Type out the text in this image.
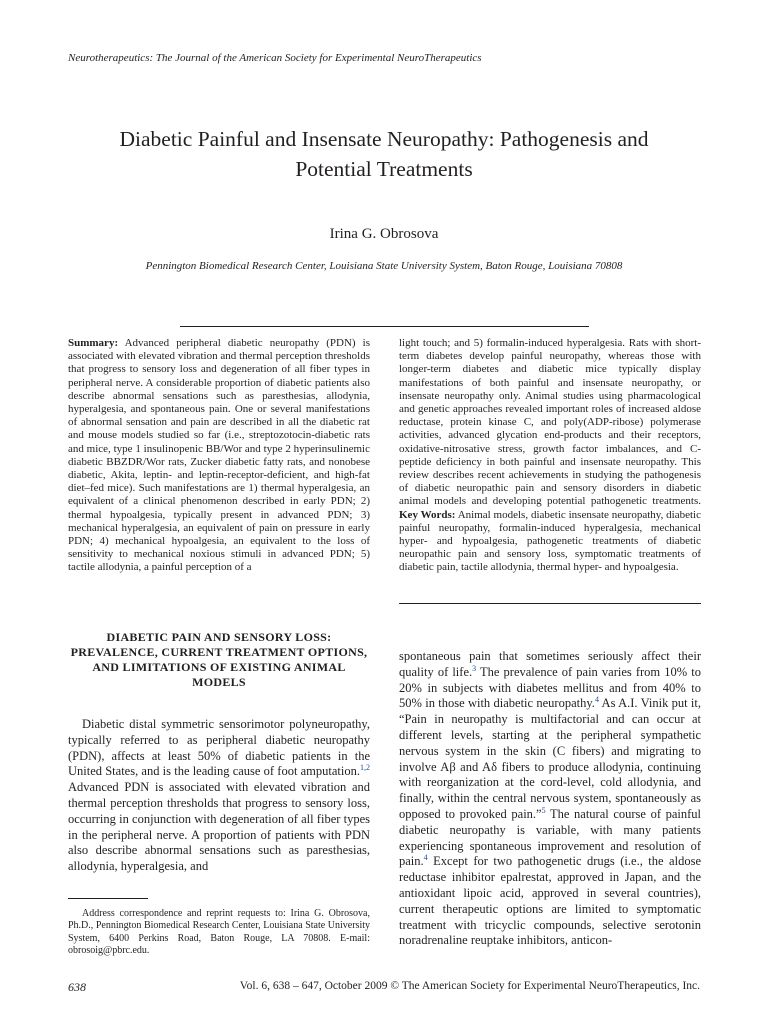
Neurotherapeutics: The Journal of the American Society for Experimental NeuroTherapeutics
Diabetic Painful and Insensate Neuropathy: Pathogenesis and
Potential Treatments
Irina G. Obrosova
Pennington Biomedical Research Center, Louisiana State University System, Baton Rouge, Louisiana 70808
Summary: Advanced peripheral diabetic neuropathy (PDN) is associated with elevated vibration and thermal perception thresholds that progress to sensory loss and degeneration of all fiber types in peripheral nerve. A considerable proportion of diabetic patients also describe abnormal sensations such as paresthesias, allodynia, hyperalgesia, and spontaneous pain. One or several manifestations of abnormal sensation and pain are described in all the diabetic rat and mouse models studied so far (i.e., streptozotocin-diabetic rats and mice, type 1 insulinopenic BB/Wor and type 2 hyperinsulinemic diabetic BBZDR/Wor rats, Zucker diabetic fatty rats, and nonobese diabetic, Akita, leptin- and leptin-receptor-deficient, and high-fat diet–fed mice). Such manifestations are 1) thermal hyperalgesia, an equivalent of a clinical phenomenon described in early PDN; 2) thermal hypoalgesia, typically present in advanced PDN; 3) mechanical hyperalgesia, an equivalent of pain on pressure in early PDN; 4) mechanical hypoalgesia, an equivalent to the loss of sensitivity to mechanical noxious stimuli in advanced PDN; 5) tactile allodynia, a painful perception of a
light touch; and 5) formalin-induced hyperalgesia. Rats with short-term diabetes develop painful neuropathy, whereas those with longer-term diabetes and diabetic mice typically display manifestations of both painful and insensate neuropathy, or insensate neuropathy only. Animal studies using pharmacological and genetic approaches revealed important roles of increased aldose reductase, protein kinase C, and poly(ADP-ribose) polymerase activities, advanced glycation end-products and their receptors, oxidative-nitrosative stress, growth factor imbalances, and C-peptide deficiency in both painful and insensate neuropathy. This review describes recent achievements in studying the pathogenesis of diabetic neuropathic pain and sensory disorders in diabetic animal models and developing potential pathogenetic treatments. Key Words: Animal models, diabetic insensate neuropathy, diabetic painful neuropathy, formalin-induced hyperalgesia, mechanical hyper- and hypoalgesia, pathogenetic treatments of diabetic neuropathic pain and sensory loss, symptomatic treatments of diabetic pain, tactile allodynia, thermal hyper- and hypoalgesia.
DIABETIC PAIN AND SENSORY LOSS: PREVALENCE, CURRENT TREATMENT OPTIONS, AND LIMITATIONS OF EXISTING ANIMAL MODELS

Diabetic distal symmetric sensorimotor polyneuropathy, typically referred to as peripheral diabetic neuropathy (PDN), affects at least 50% of diabetic patients in the United States, and is the leading cause of foot amputation.$^{1,2}$ Advanced PDN is associated with elevated vibration and thermal perception thresholds that progress to sensory loss, occurring in conjunction with degeneration of all fiber types in the peripheral nerve. A proportion of patients with PDN also describe abnormal sensations such as paresthesias, allodynia, hyperalgesia, and

spontaneous pain that sometimes seriously affect their quality of life.$^3$ The prevalence of pain varies from 10% to 20% in subjects with diabetes mellitus and from 40% to 50% in those with diabetic neuropathy.$^4$ As A.I. Vinik put it, “Pain in neuropathy is multifactorial and can occur at different levels, starting at the peripheral sympathetic nervous system in the skin (C fibers) and migrating to involve Aβ and Aδ fibers to produce allodynia, continuing with reorganization at the cord-level, cold allodynia, and finally, within the central nervous system, spontaneously as opposed to provoked pain.”$^5$ The natural course of painful diabetic neuropathy is variable, with many patients experiencing spontaneous improvement and resolution of pain.$^4$ Except for two pathogenetic drugs (i.e., the aldose reductase inhibitor epalrestat, approved in Japan, and the antioxidant lipoic acid, approved in several countries), current therapeutic options are limited to symptomatic treatment with tricyclic compounds, selective serotonin noradrenaline reuptake inhibitors, anticon-

Address correspondence and reprint requests to: Irina G. Obrosova, Ph.D., Pennington Biomedical Research Center, Louisiana State University System, 6400 Perkins Road, Baton Rouge, LA 70808. E-mail: obrosoig@pbrc.edu.

638	Vol. 6, 638 – 647, October 2009 © The American Society for Experimental NeuroTherapeutics, Inc.
